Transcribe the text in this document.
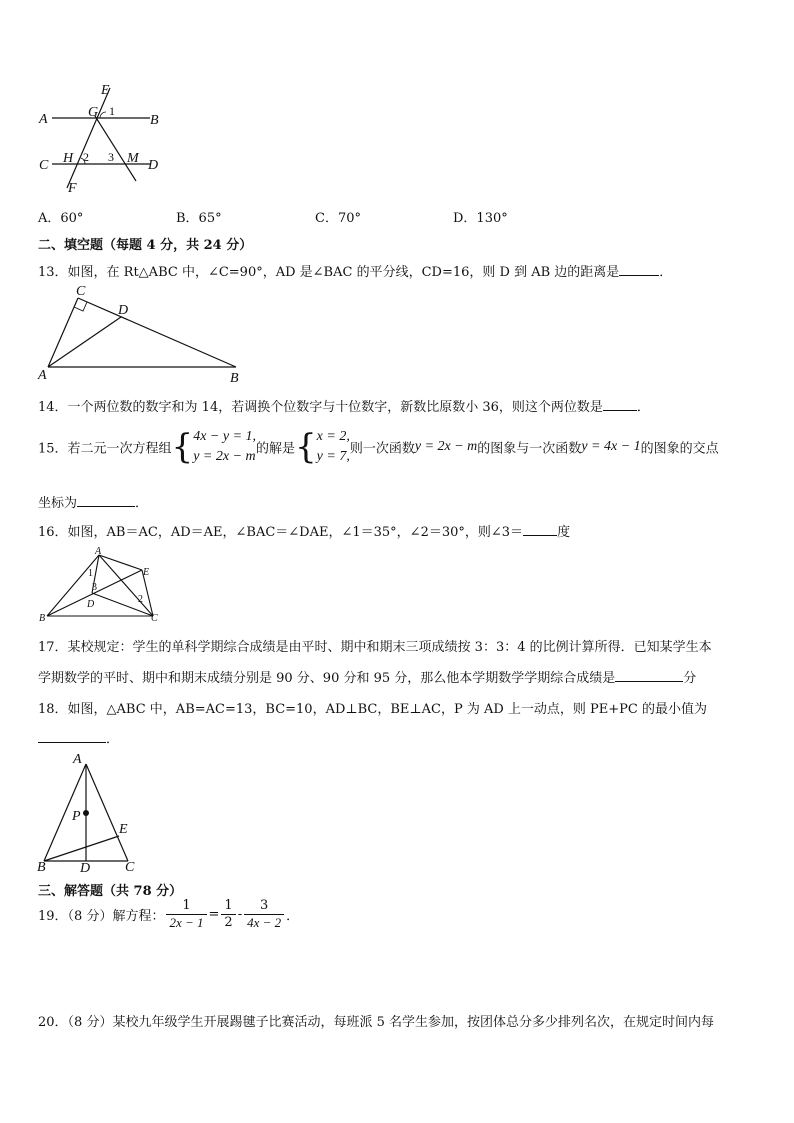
E
G 1
A	B
C H 2 3 M D
F
A．60°	B．65°	C．70°	D．130°
二、填空题（每题 4 分，共 24 分）
13．如图，在 Rt△ABC 中，∠C=90°，AD 是∠BAC 的平分线，CD=16，则 D 到 AB 边的距离是	．
C
D
A	B
14．一个两位数的数字和为 14，若调换个位数字与十位数字，新数比原数小 36，则这个两位数是	．
15．若二元一次方程组{ 4x − y = 1,
y = 2x − m 的解是{ x = 2,
y = 7, 则一次函数y = 2x − m的图象与一次函数y = 4x − 1的图象的交点
坐标为	．
16．如图，AB＝AC，AD＝AE，∠BAC＝∠DAE，∠1＝35°，∠2＝30°，则∠3＝	度
A
E
1
3
2
D
B	C
17．某校规定：学生的单科学期综合成绩是由平时、期中和期末三项成绩按 3：3：4 的比例计算所得．已知某学生本
学期数学的平时、期中和期末成绩分别是 90 分、90 分和 95 分，那么他本学期数学学期综合成绩是	分
18．如图，△ABC 中，AB=AC=13，BC=10，AD⊥BC，BE⊥AC，P 为 AD 上一动点，则 PE+PC 的最小值为
．
A
P
E
B D C
三、解答题（共 78 分）
19．（8 分）解方程： $\frac{1}{2x - 1} = \frac{1}{2} - \frac{3}{4x - 2}$ ．
20．（8 分）某校九年级学生开展踢毽子比赛活动，每班派 5 名学生参加，按团体总分多少排列名次，在规定时间内每
